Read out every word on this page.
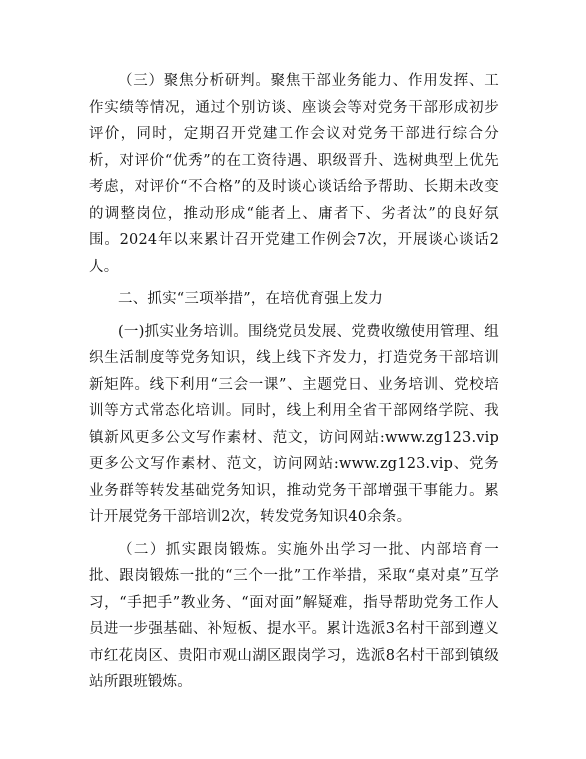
（三）聚焦分析研判。聚焦干部业务能力、作用发挥、工作实绩等情况，通过个别访谈、座谈会等对党务干部形成初步评价，同时，定期召开党建工作会议对党务干部进行综合分析，对评价“优秀”的在工资待遇、职级晋升、选树典型上优先考虑，对评价“不合格”的及时谈心谈话给予帮助、长期未改变的调整岗位，推动形成“能者上、庸者下、劣者汰”的良好氛围。2024年以来累计召开党建工作例会7次，开展谈心谈话2人。

二、抓实“三项举措”，在培优育强上发力

(一)抓实业务培训。围绕党员发展、党费收缴使用管理、组织生活制度等党务知识，线上线下齐发力，打造党务干部培训新矩阵。线下利用“三会一课”、主题党日、业务培训、党校培训等方式常态化培训。同时，线上利用全省干部网络学院、我镇新风更多公文写作素材、范文，访问网站:www.zg123.vip 更多公文写作素材、范文，访问网站:www.zg123.vip、党务业务群等转发基础党务知识，推动党务干部增强干事能力。累计开展党务干部培训2次，转发党务知识40余条。

（二）抓实跟岗锻炼。实施外出学习一批、内部培育一批、跟岗锻炼一批的“三个一批”工作举措，采取“桌对桌”互学习，“手把手”教业务、“面对面”解疑难，指导帮助党务工作人员进一步强基础、补短板、提水平。累计选派3名村干部到遵义市红花岗区、贵阳市观山湖区跟岗学习，选派8名村干部到镇级站所跟班锻炼。
